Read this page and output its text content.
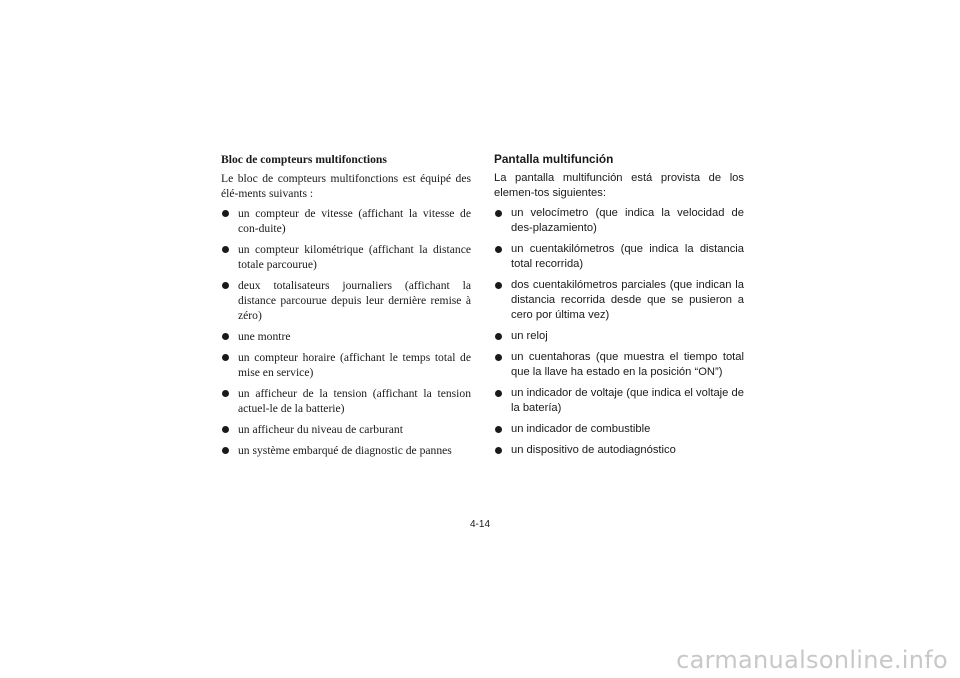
Bloc de compteurs multifonctions
Le bloc de compteurs multifonctions est équipé des élé-ments suivants :
un compteur de vitesse (affichant la vitesse de con-duite)
un compteur kilométrique (affichant la distance totale parcourue)
deux totalisateurs journaliers (affichant la distance parcourue depuis leur dernière remise à zéro)
une montre
un compteur horaire (affichant le temps total de mise en service)
un afficheur de la tension (affichant la tension actuel-le de la batterie)
un afficheur du niveau de carburant
un système embarqué de diagnostic de pannes
Pantalla multifunción
La pantalla multifunción está provista de los elemen-tos siguientes:
un velocímetro (que indica la velocidad de des-plazamiento)
un cuentakilómetros (que indica la distancia total recorrida)
dos cuentakilómetros parciales (que indican la distancia recorrida desde que se pusieron a cero por última vez)
un reloj
un cuentahoras (que muestra el tiempo total que la llave ha estado en la posición “ON”)
un indicador de voltaje (que indica el voltaje de la batería)
un indicador de combustible
un dispositivo de autodiagnóstico
4-14
carmanualsonline.info
